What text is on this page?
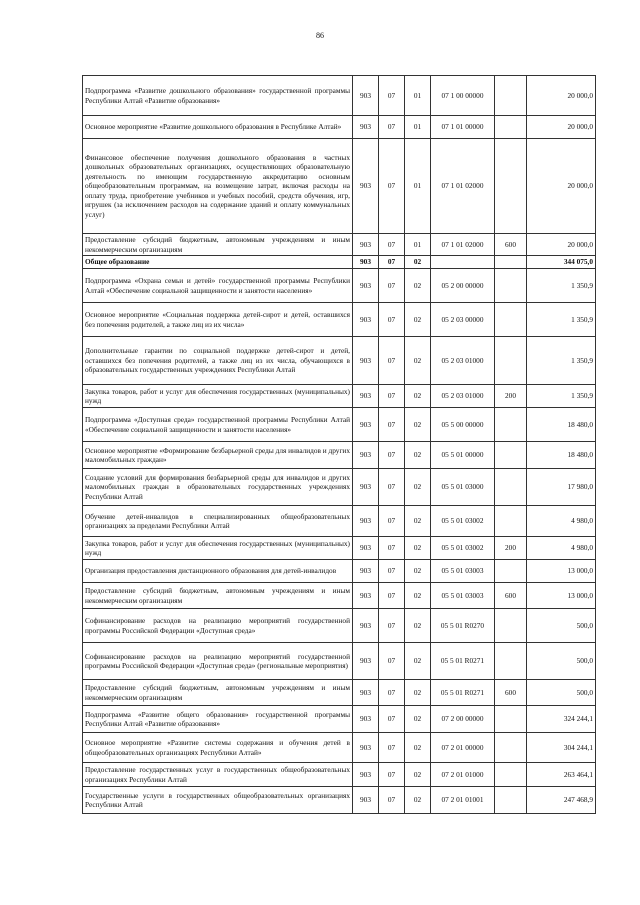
86
Подпрограмма «Развитие дошкольного образования» государственной программы Республики Алтай «Развитие образования»	903	07	01	07 1 00 00000		20 000,0
Основное мероприятие «Развитие дошкольного образования в Республике Алтай»	903	07	01	07 1 01 00000		20 000,0
Финансовое обеспечение получения дошкольного образования в частных дошкольных образовательных организациях, осуществляющих образовательную деятельность по имеющим государственную аккредитацию основным общеобразовательным программам, на возмещение затрат, включая расходы на оплату труда, приобретение учебников и учебных пособий, средств обучения, игр, игрушек (за исключением расходов на содержание зданий и оплату коммунальных услуг)	903	07	01	07 1 01 02000		20 000,0
Предоставление субсидий бюджетным, автономным учреждениям и иным некоммерческим организациям	903	07	01	07 1 01 02000	600	20 000,0
Общее образование	903	07	02			344 075,0
Подпрограмма «Охрана семьи и детей» государственной программы Республики Алтай «Обеспечение социальной защищенности и занятости населения»	903	07	02	05 2 00 00000		1 350,9
Основное мероприятие «Социальная поддержка детей-сирот и детей, оставшихся без попечения родителей, а также лиц из их числа»	903	07	02	05 2 03 00000		1 350,9
Дополнительные гарантии по социальной поддержке детей-сирот и детей, оставшихся без попечения родителей, а также лиц из их числа, обучающихся в образовательных государственных учреждениях Республики Алтай	903	07	02	05 2 03 01000		1 350,9
Закупка товаров, работ и услуг для обеспечения государственных (муниципальных) нужд	903	07	02	05 2 03 01000	200	1 350,9
Подпрограмма «Доступная среда» государственной программы Республики Алтай «Обеспечение социальной защищенности и занятости населения»	903	07	02	05 5 00 00000		18 480,0
Основное мероприятие «Формирование безбарьерной среды для инвалидов и других маломобильных граждан»	903	07	02	05 5 01 00000		18 480,0
Создание условий для формирования безбарьерной среды для инвалидов и других маломобильных граждан в образовательных государственных учреждениях Республики Алтай	903	07	02	05 5 01 03000		17 980,0
Обучение детей-инвалидов в специализированных общеобразовательных организациях за пределами Республики Алтай	903	07	02	05 5 01 03002		4 980,0
Закупка товаров, работ и услуг для обеспечения государственных (муниципальных) нужд	903	07	02	05 5 01 03002	200	4 980,0
Организация предоставления дистанционного образования для детей-инвалидов	903	07	02	05 5 01 03003		13 000,0
Предоставление субсидий бюджетным, автономным учреждениям и иным некоммерческим организациям	903	07	02	05 5 01 03003	600	13 000,0
Софинансирование расходов на реализацию мероприятий государственной программы Российской Федерации «Доступная среда»	903	07	02	05 5 01 R0270		500,0
Софинансирование расходов на реализацию мероприятий государственной программы Российской Федерации «Доступная среда» (региональные мероприятия)	903	07	02	05 5 01 R0271		500,0
Предоставление субсидий бюджетным, автономным учреждениям и иным некоммерческим организациям	903	07	02	05 5 01 R0271	600	500,0
Подпрограмма «Развитие общего образования» государственной программы Республики Алтай «Развитие образования»	903	07	02	07 2 00 00000		324 244,1
Основное мероприятие «Развитие системы содержания и обучения детей в общеобразовательных организациях Республики Алтай»	903	07	02	07 2 01 00000		304 244,1
Предоставление государственных услуг в государственных общеобразовательных организациях Республики Алтай	903	07	02	07 2 01 01000		263 464,1
Государственные услуги в государственных общеобразовательных организациях Республики Алтай	903	07	02	07 2 01 01001		247 468,9
